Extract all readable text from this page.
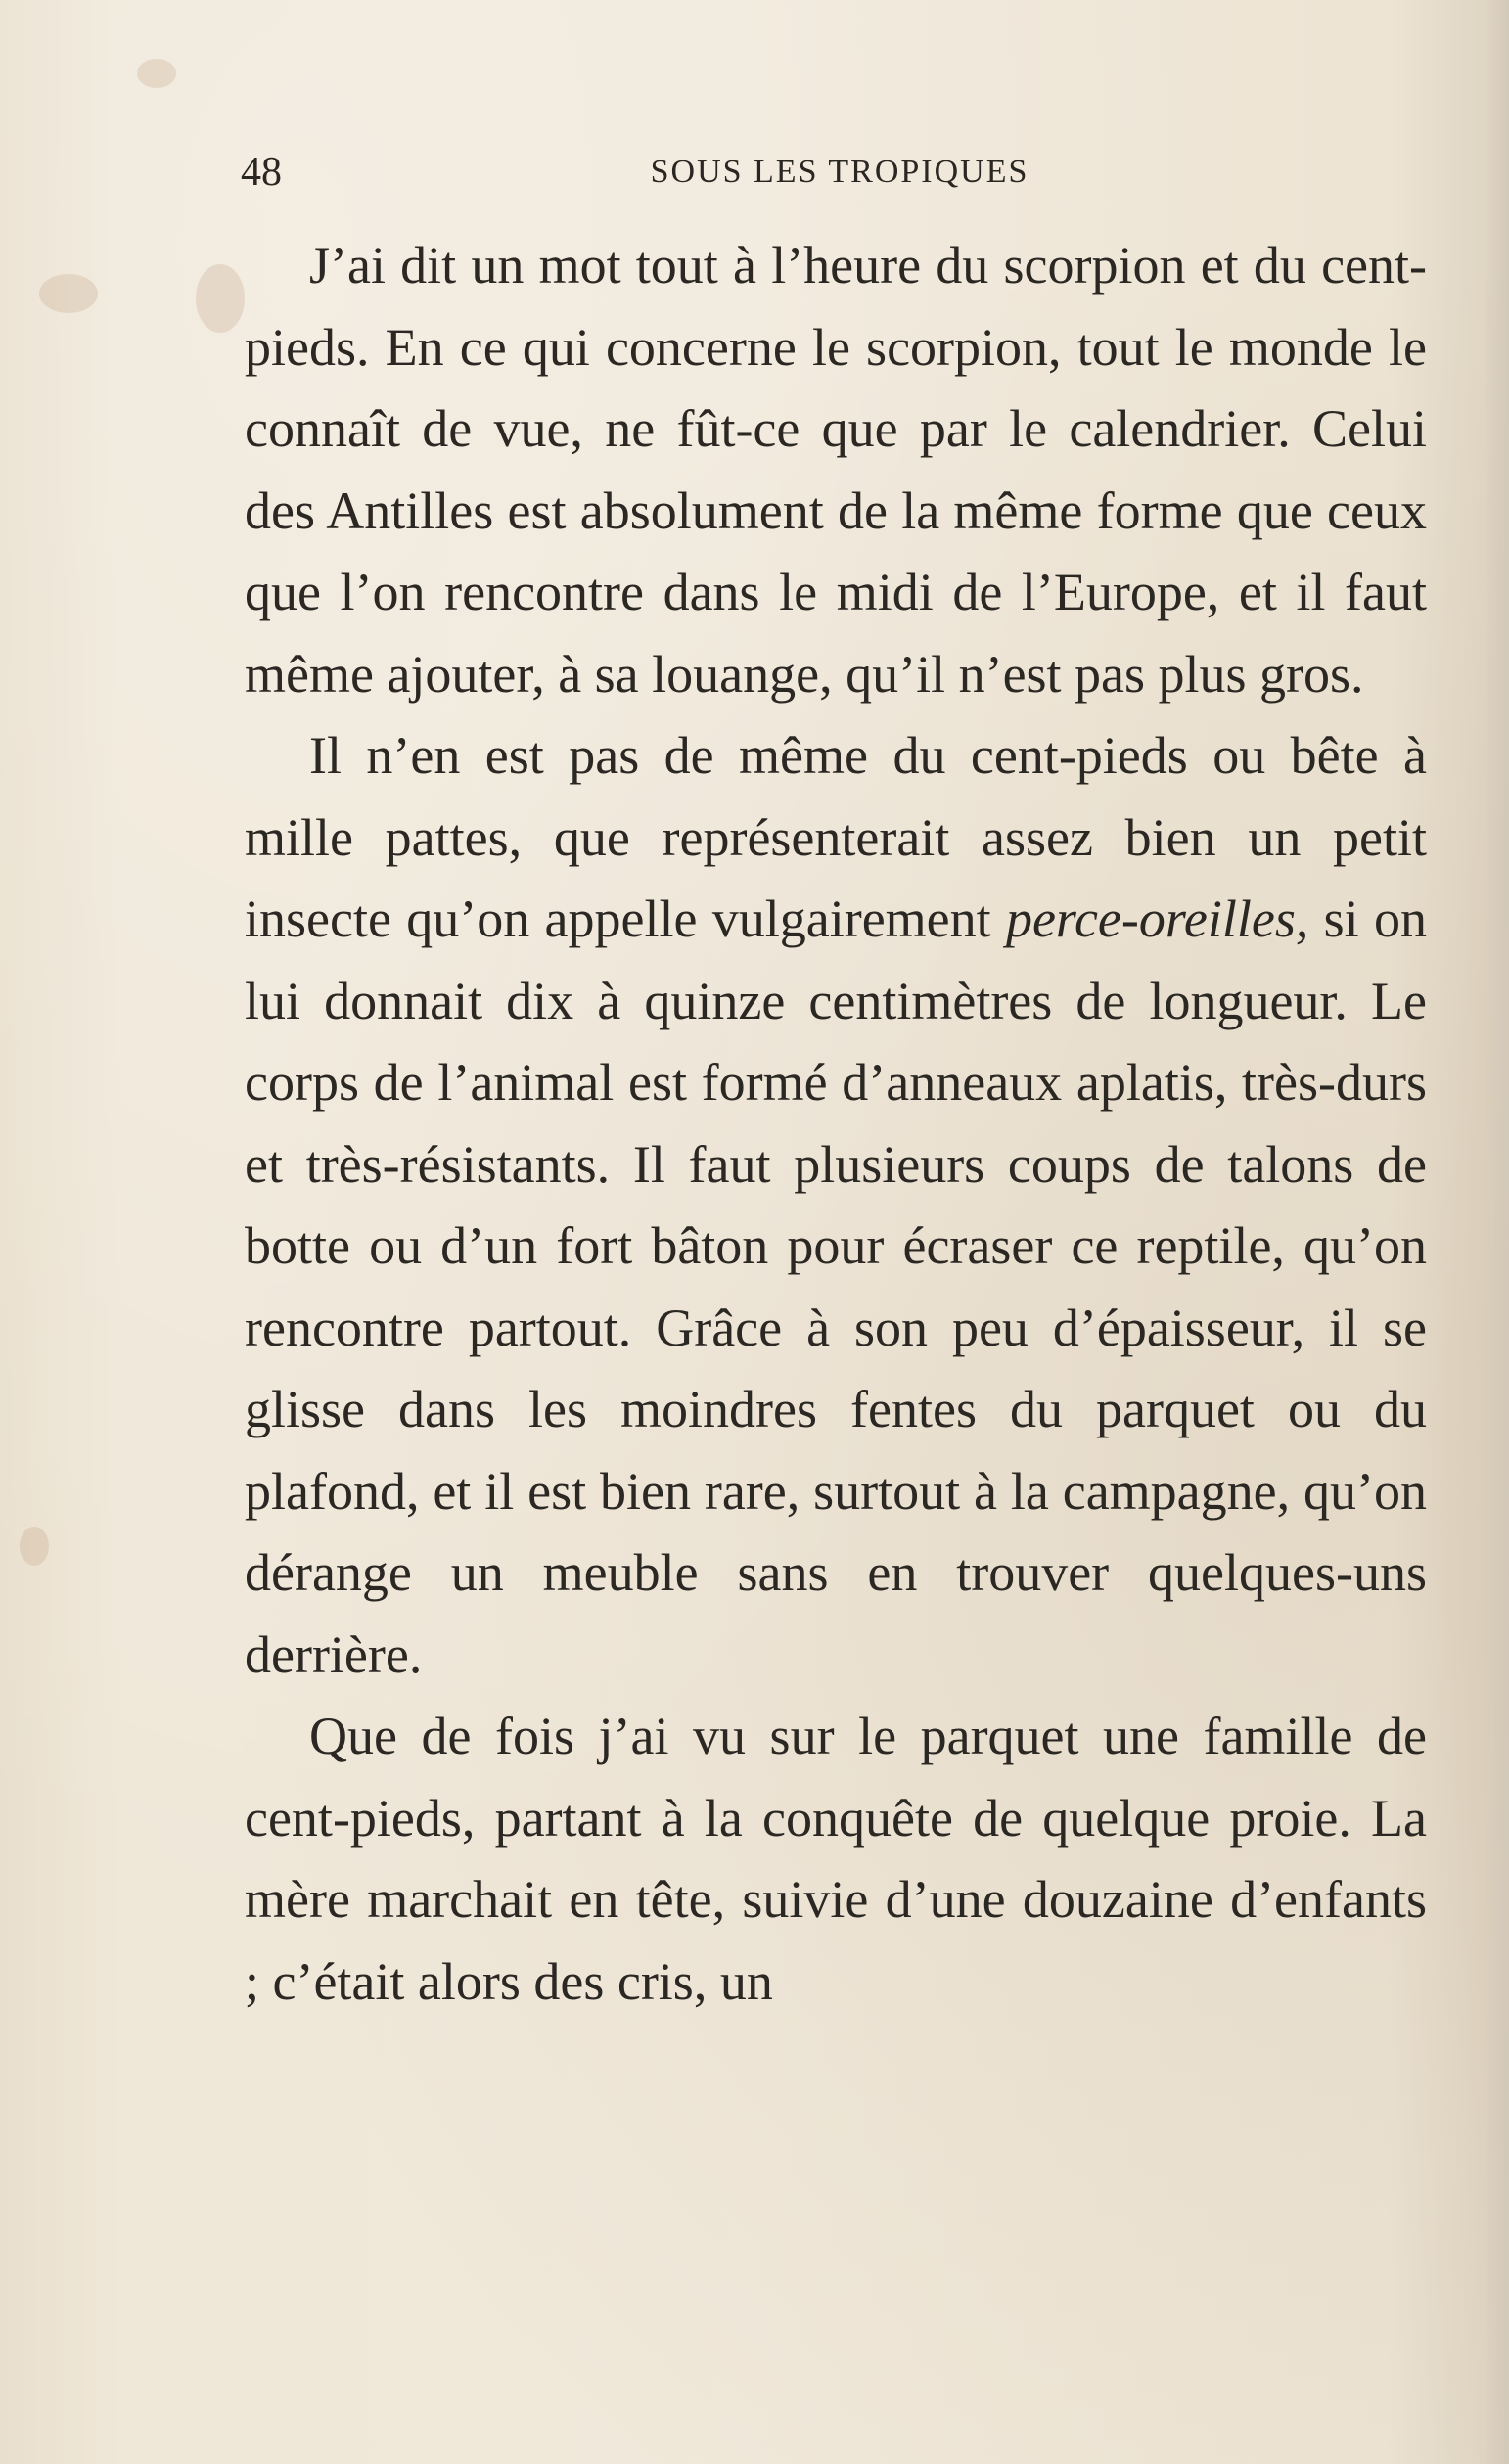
48	SOUS LES TROPIQUES

J’ai dit un mot tout à l’heure du scorpion et du cent-pieds. En ce qui concerne le scorpion, tout le monde le connaît de vue, ne fût-ce que par le calendrier. Celui des Antilles est absolument de la même forme que ceux que l’on rencontre dans le midi de l’Europe, et il faut même ajouter, à sa louange, qu’il n’est pas plus gros.

Il n’en est pas de même du cent-pieds ou bête à mille pattes, que représenterait assez bien un petit insecte qu’on appelle vulgairement perce-oreilles, si on lui donnait dix à quinze centimètres de longueur. Le corps de l’animal est formé d’anneaux aplatis, très-durs et très-résistants. Il faut plusieurs coups de talons de botte ou d’un fort bâton pour écraser ce reptile, qu’on rencontre partout. Grâce à son peu d’épaisseur, il se glisse dans les moindres fentes du parquet ou du plafond, et il est bien rare, surtout à la campagne, qu’on dérange un meuble sans en trouver quelques-uns derrière.

Que de fois j’ai vu sur le parquet une famille de cent-pieds, partant à la conquête de quelque proie. La mère marchait en tête, suivie d’une douzaine d’enfants ; c’était alors des cris, un
